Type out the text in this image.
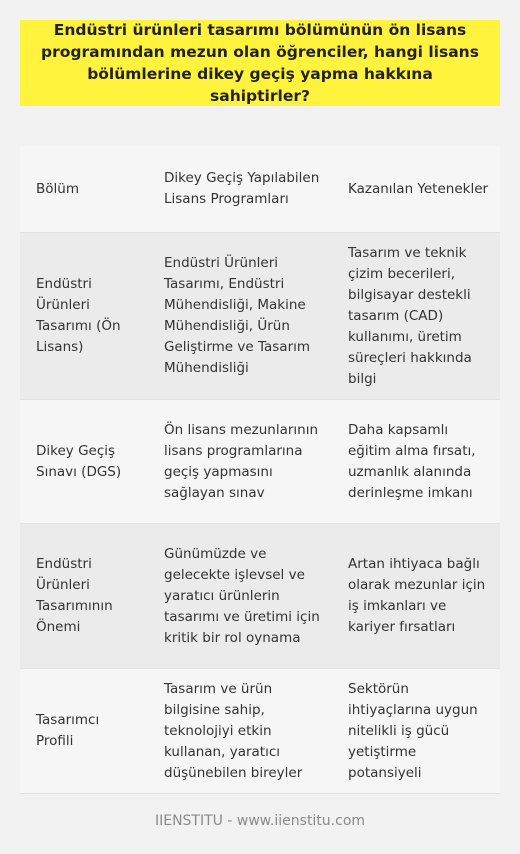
Endüstri ürünleri tasarımı bölümünün ön lisans programından mezun olan öğrenciler, hangi lisans bölümlerine dikey geçiş yapma hakkına sahiptirler?

Bölüm
Dikey Geçiş Yapılabilen Lisans Programları
Kazanılan Yetenekler
Endüstri Ürünleri Tasarımı (Ön Lisans)
Endüstri Ürünleri Tasarımı, Endüstri Mühendisliği, Makine Mühendisliği, Ürün Geliştirme ve Tasarım Mühendisliği
Tasarım ve teknik çizim becerileri, bilgisayar destekli tasarım (CAD) kullanımı, üretim süreçleri hakkında bilgi
Dikey Geçiş Sınavı (DGS)
Ön lisans mezunlarının lisans programlarına geçiş yapmasını sağlayan sınav
Daha kapsamlı eğitim alma fırsatı, uzmanlık alanında derinleşme imkanı
Endüstri Ürünleri Tasarımının Önemi
Günümüzde ve gelecekte işlevsel ve yaratıcı ürünlerin tasarımı ve üretimi için kritik bir rol oynama
Artan ihtiyaca bağlı olarak mezunlar için iş imkanları ve kariyer fırsatları
Tasarımcı Profili
Tasarım ve ürün bilgisine sahip, teknolojiyi etkin kullanan, yaratıcı düşünebilen bireyler
Sektörün ihtiyaçlarına uygun nitelikli iş gücü yetiştirme potansiyeli
IIENSTITU - www.iienstitu.com
